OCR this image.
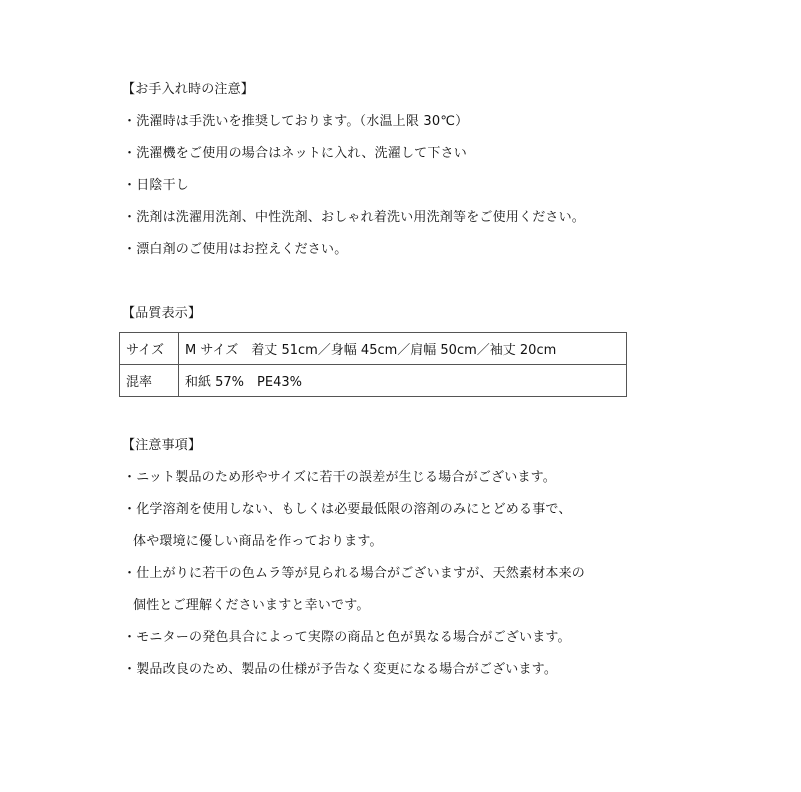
【お手入れ時の注意】
・洗濯時は手洗いを推奨しております。（水温上限 30℃）
・洗濯機をご使用の場合はネットに入れ、洗濯して下さい
・日陰干し
・洗剤は洗濯用洗剤、中性洗剤、おしゃれ着洗い用洗剤等をご使用ください。
・漂白剤のご使用はお控えください。
【品質表示】
サイズ	M サイズ　着丈 51cm／身幅 45cm／肩幅 50cm／袖丈 20cm
混率	和紙 57%　PE43%
【注意事項】
・ニット製品のため形やサイズに若干の誤差が生じる場合がございます。
・化学溶剤を使用しない、もしくは必要最低限の溶剤のみにとどめる事で、
体や環境に優しい商品を作っております。
・仕上がりに若干の色ムラ等が見られる場合がございますが、天然素材本来の
個性とご理解くださいますと幸いです。
・モニターの発色具合によって実際の商品と色が異なる場合がございます。
・製品改良のため、製品の仕様が予告なく変更になる場合がございます。
